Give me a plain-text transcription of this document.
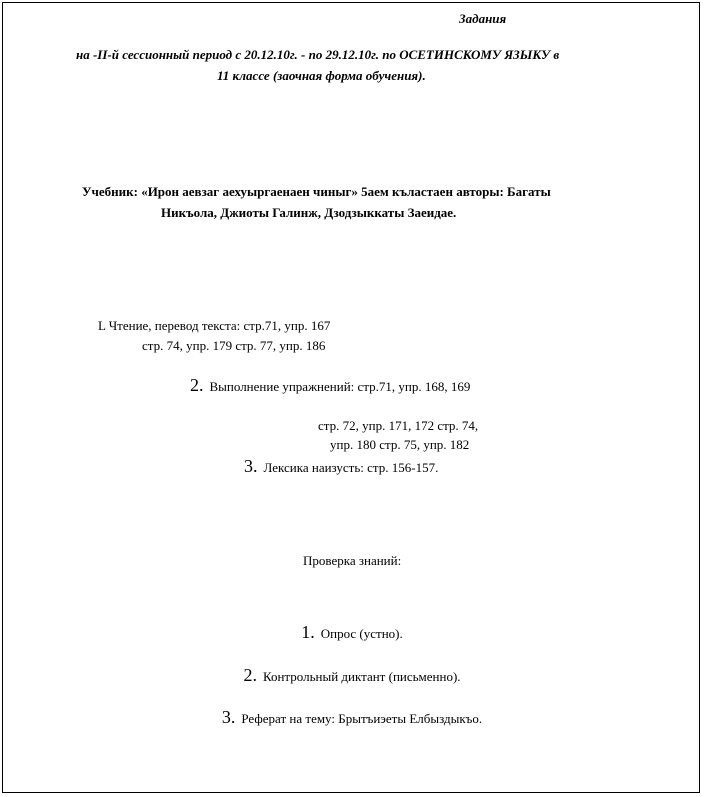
Задания
на -II-й сессионный период с 20.12.10г. - по 29.12.10г. по ОСЕТИНСКОМУ ЯЗЫКУ в
11 классе (заочная форма обучения).
Учебник: «Ирон аевзаг аехуыргаенаен чиныг» 5аем къластаен авторы: Багаты
Никъола, Джиоты Галинж, Дзодзыккаты Заеидае.
L Чтение, перевод текста: стр.71, упр. 167
стр. 74, упр. 179 стр. 77, упр. 186
2. Выполнение упражнений: стр.71, упр. 168, 169
стр. 72, упр. 171, 172 стр. 74,
упр. 180 стр. 75, упр. 182
3. Лексика наизусть: стр. 156-157.
Проверка знаний:
1. Опрос (устно).
2. Контрольный диктант (письменно).
3. Реферат на тему: Брытъиэеты Елбыздыкъо.
